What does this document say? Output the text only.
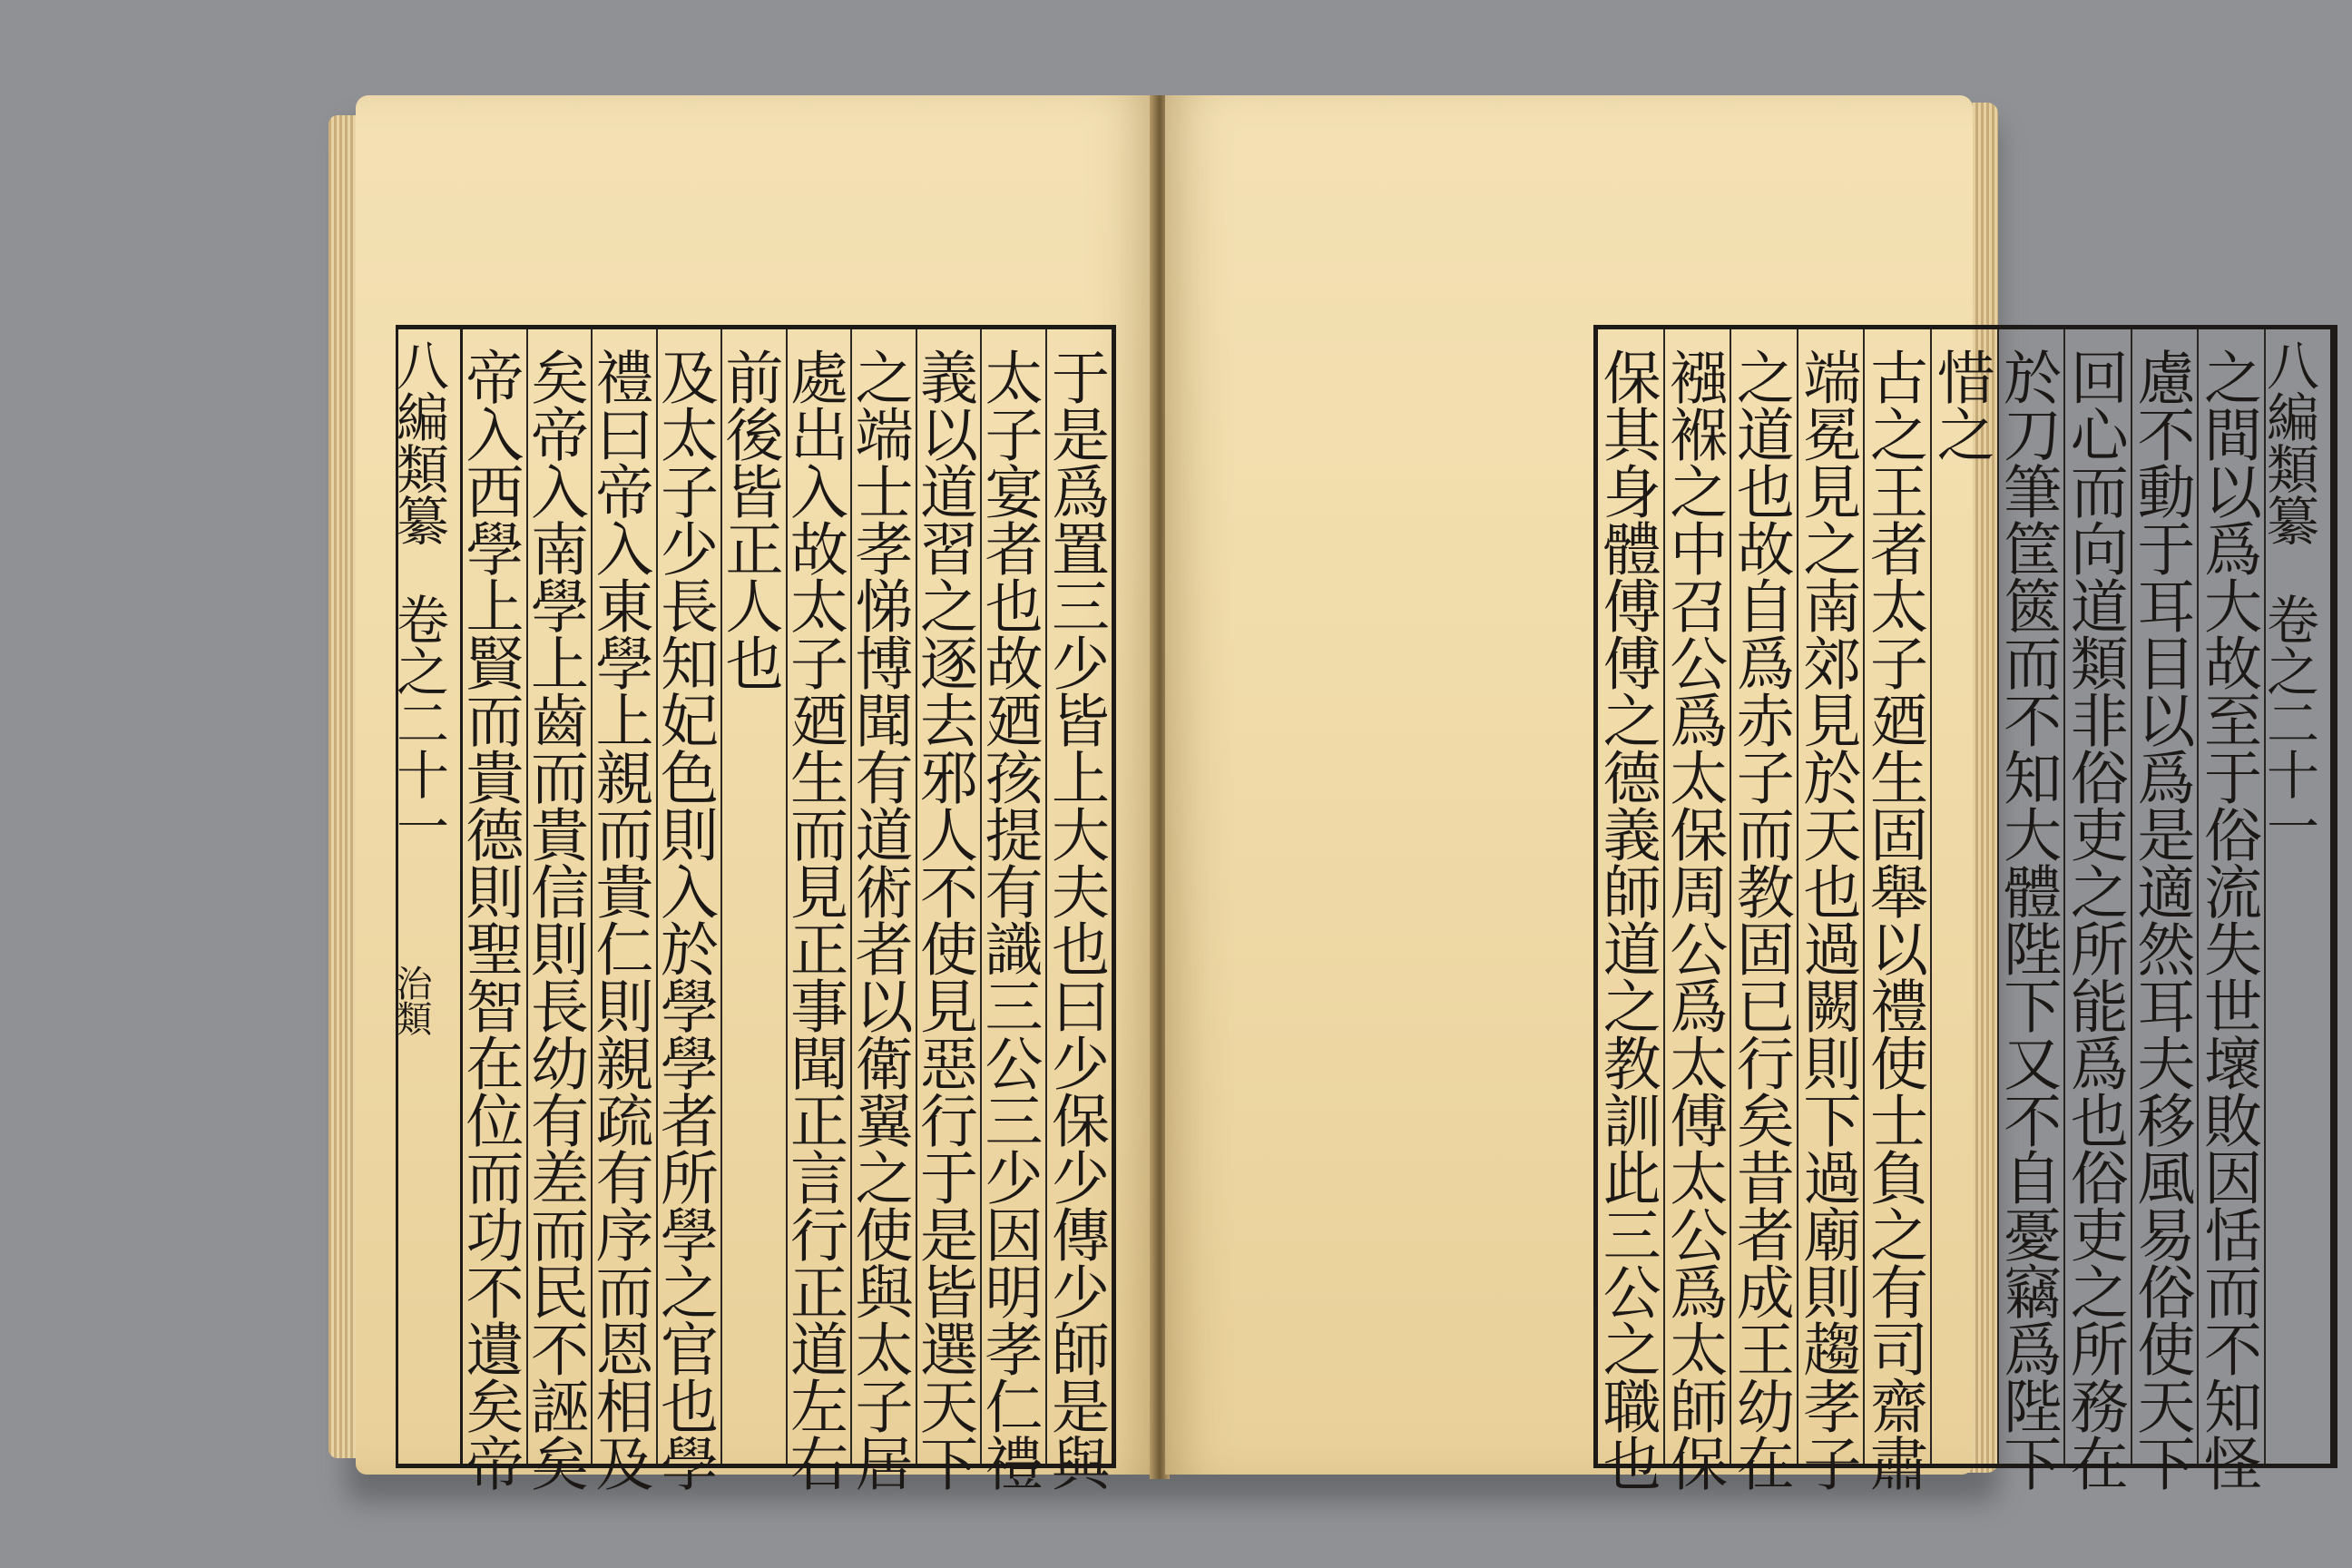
于是爲置三少皆上大夫也曰少保少傳少師是與
太子宴者也故廼孩提有識三公三少因明孝仁禮
義以道習之逐去邪人不使見惡行于是皆選天下
之端士孝悌博聞有道術者以衛翼之使與太子居
處出入故太子廼生而見正事聞正言行正道左右
前後皆正人也
及太子少長知妃色則入於學學者所學之官也學
禮曰帝入東學上親而貴仁則親疏有序而恩相及
矣帝入南學上齒而貴信則長幼有差而民不誣矣
帝入西學上賢而貴德則聖智在位而功不遺矣帝
八編類纂
卷之二十一
治類
八編類纂
卷之二十一
之間以爲大故至于俗流失世壞敗因恬而不知怪
慮不動于耳目以爲是適然耳夫移風易俗使天下
回心而向道類非俗吏之所能爲也俗吏之所務在
於刀筆筐篋而不知大體陛下又不自憂竊爲陛下
惜之
古之王者太子廼生固舉以禮使士負之有司齋肅
端冕見之南郊見於天也過闕則下過廟則趨孝子
之道也故自爲赤子而教固已行矣昔者成王幼在
襁褓之中召公爲太保周公爲太傅太公爲太師保
保其身體傅傅之德義師道之教訓此三公之職也
